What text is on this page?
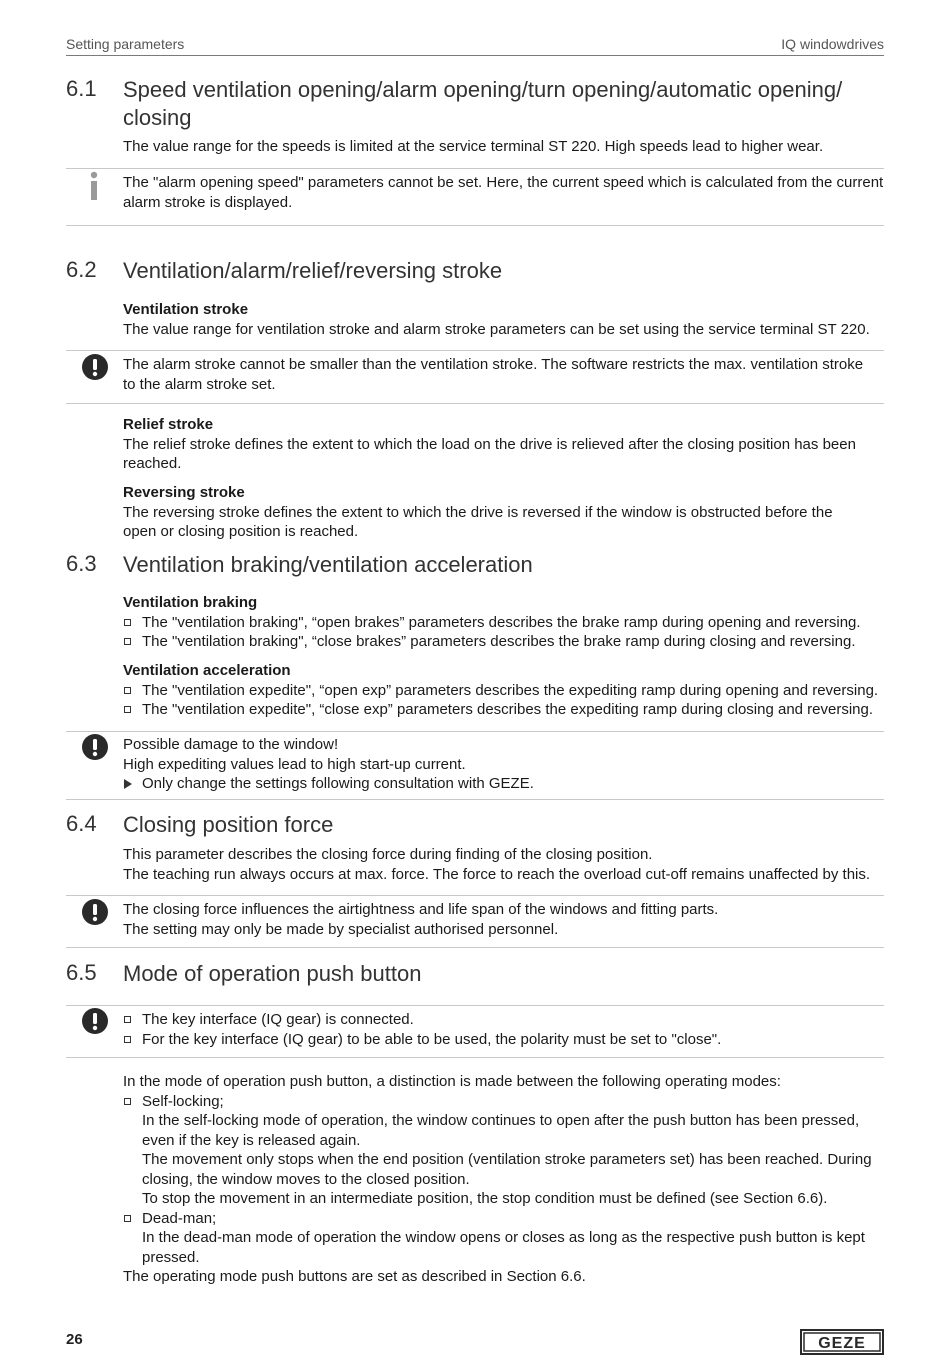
Setting parameters	IQ windowdrives
6.1 Speed ventilation opening/alarm opening/turn opening/automatic opening/
closing
The value range for the speeds is limited at the service terminal ST 220. High speeds lead to higher wear.
The "alarm opening speed" parameters cannot be set. Here, the current speed which is calculated from the current
alarm stroke is displayed.
6.2 Ventilation/alarm/relief/reversing stroke
Ventilation stroke
The value range for ventilation stroke and alarm stroke parameters can be set using the service terminal ST 220.
The alarm stroke cannot be smaller than the ventilation stroke. The software restricts the max. ventilation stroke
to the alarm stroke set.
Relief stroke
The relief stroke defines the extent to which the load on the drive is relieved after the closing position has been
reached.
Reversing stroke
The reversing stroke defines the extent to which the drive is reversed if the window is obstructed before the
open or closing position is reached.
6.3 Ventilation braking/ventilation acceleration
Ventilation braking
The "ventilation braking", “open brakes” parameters describes the brake ramp during opening and reversing.
The "ventilation braking", “close brakes” parameters describes the brake ramp during closing and reversing.
Ventilation acceleration
The "ventilation expedite", “open exp” parameters describes the expediting ramp during opening and reversing.
The "ventilation expedite", “close exp” parameters describes the expediting ramp during closing and reversing.
Possible damage to the window!
High expediting values lead to high start-up current.
Only change the settings following consultation with GEZE.
6.4 Closing position force
This parameter describes the closing force during finding of the closing position.
The teaching run always occurs at max. force. The force to reach the overload cut-off remains unaffected by this.
The closing force influences the airtightness and life span of the windows and fitting parts.
The setting may only be made by specialist authorised personnel.
6.5 Mode of operation push button
The key interface (IQ gear) is connected.
For the key interface (IQ gear) to be able to be used, the polarity must be set to "close".
In the mode of operation push button, a distinction is made between the following operating modes:
Self-locking;
In the self-locking mode of operation, the window continues to open after the push button has been pressed,
even if the key is released again.
The movement only stops when the end position (ventilation stroke parameters set) has been reached. During
closing, the window moves to the closed position.
To stop the movement in an intermediate position, the stop condition must be defined (see Section 6.6).
Dead-man;
In the dead-man mode of operation the window opens or closes as long as the respective push button is kept
pressed.
The operating mode push buttons are set as described in Section 6.6.
26	GEZE
